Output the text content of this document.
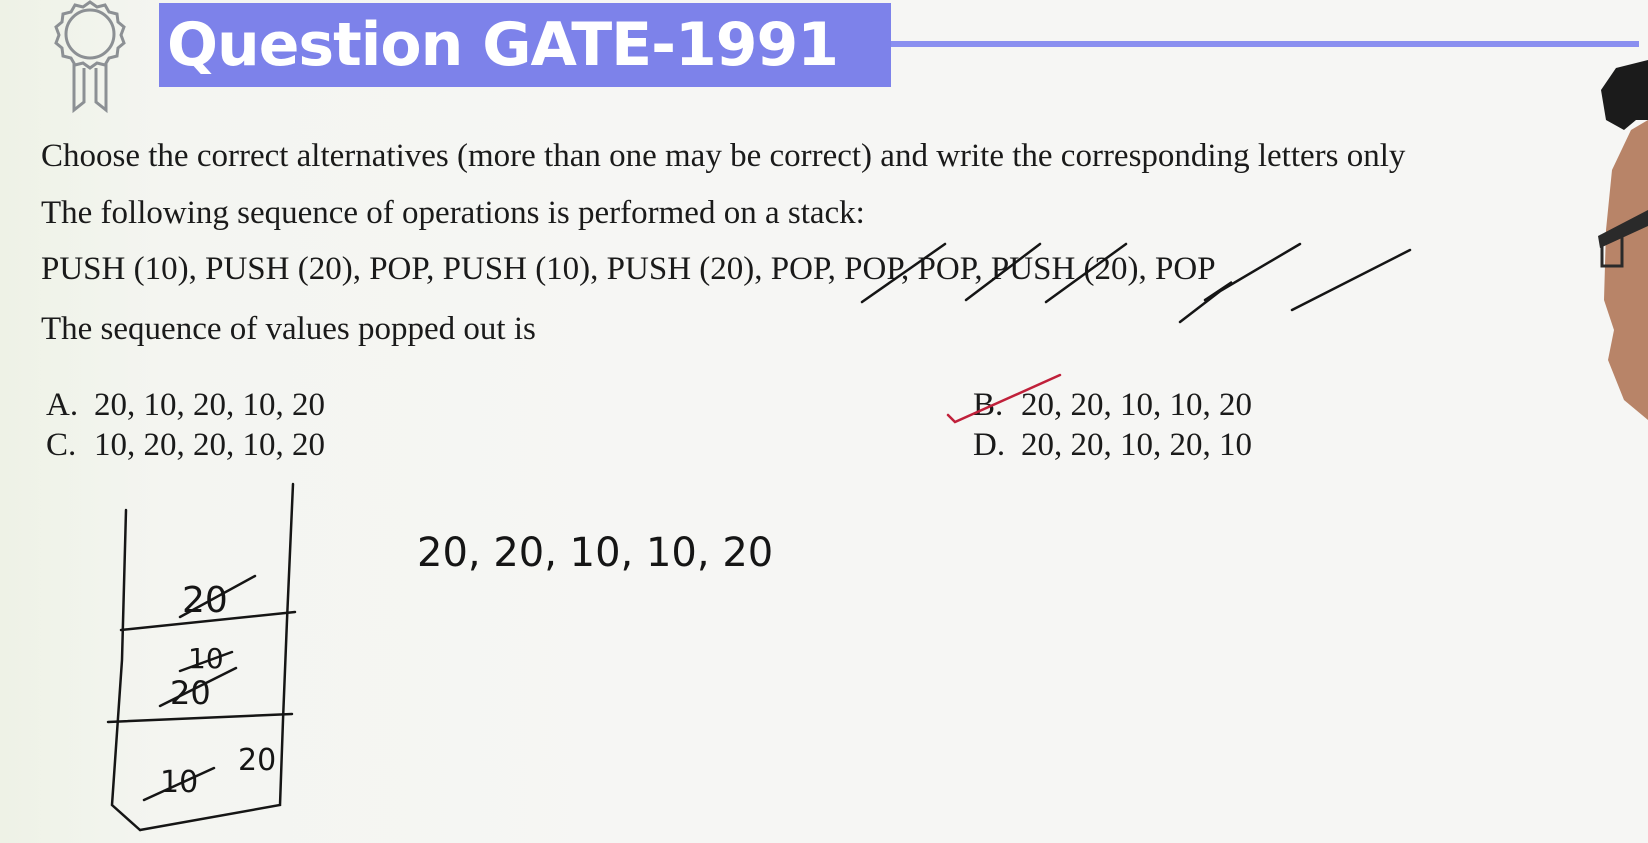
Question GATE-1991
Choose the correct alternatives (more than one may be correct) and write the corresponding letters only
The following sequence of operations is performed on a stack:
PUSH (10), PUSH (20), POP, PUSH (10), PUSH (20), POP, POP, POP, PUSH (20), POP
The sequence of values popped out is
A. 20, 10, 20, 10, 20
C. 10, 20, 20, 10, 20
B. 20, 20, 10, 10, 20
D. 20, 20, 10, 20, 10
20, 20, 10, 10, 20
20
10
20
10
20
